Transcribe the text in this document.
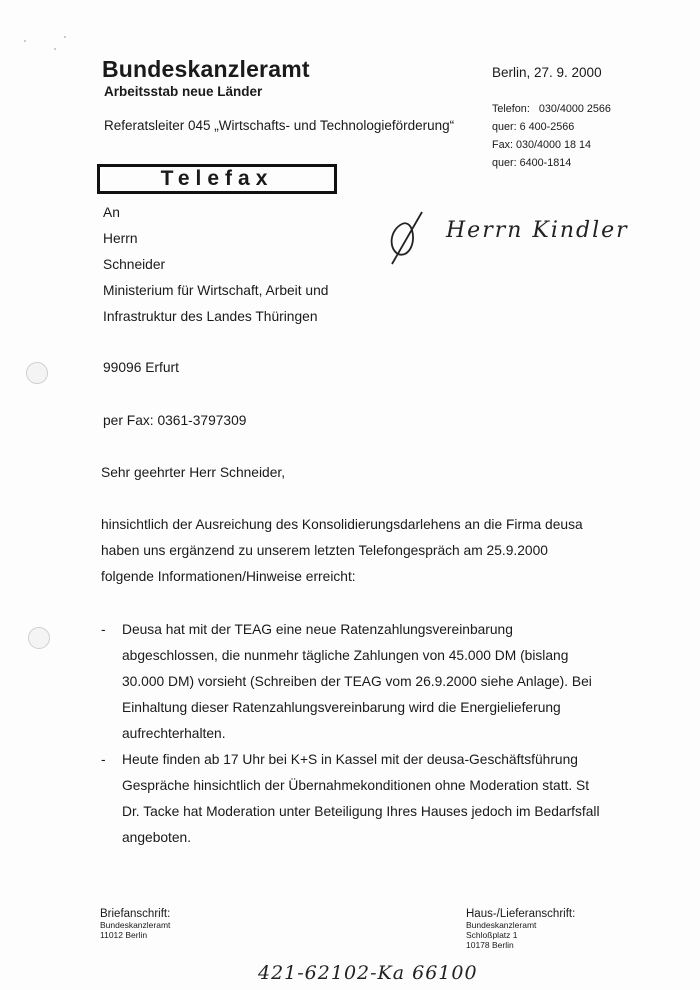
Bundeskanzleramt
Arbeitsstab neue Länder
Referatsleiter 045 „Wirtschafts- und Technologieförderung“
Berlin, 27. 9. 2000
Telefon:   030/4000 2566
quer: 6 400-2566
Fax: 030/4000 18 14
quer: 6400-1814
Telefax
Herrn Kindler
An
Herrn
Schneider
Ministerium für Wirtschaft, Arbeit und
Infrastruktur des Landes Thüringen
99096 Erfurt
per Fax: 0361-3797309
Sehr geehrter Herr Schneider,
hinsichtlich der Ausreichung des Konsolidierungsdarlehens an die Firma deusa
haben uns ergänzend zu unserem letzten Telefongespräch am 25.9.2000
folgende Informationen/Hinweise erreicht:
- Deusa hat mit der TEAG eine neue Ratenzahlungsvereinbarung
abgeschlossen, die nunmehr tägliche Zahlungen von 45.000 DM (bislang
30.000 DM) vorsieht (Schreiben der TEAG vom 26.9.2000 siehe Anlage). Bei
Einhaltung dieser Ratenzahlungsvereinbarung wird die Energielieferung
aufrechterhalten.
- Heute finden ab 17 Uhr bei K+S in Kassel mit der deusa-Geschäftsführung
Gespräche hinsichtlich der Übernahmekonditionen ohne Moderation statt. St
Dr. Tacke hat Moderation unter Beteiligung Ihres Hauses jedoch im Bedarfsfall
angeboten.
Briefanschrift:
Bundeskanzleramt
11012 Berlin
Haus-/Lieferanschrift:
Bundeskanzleramt
Schloßplatz 1
10178 Berlin
421-62102-Ka 66100
